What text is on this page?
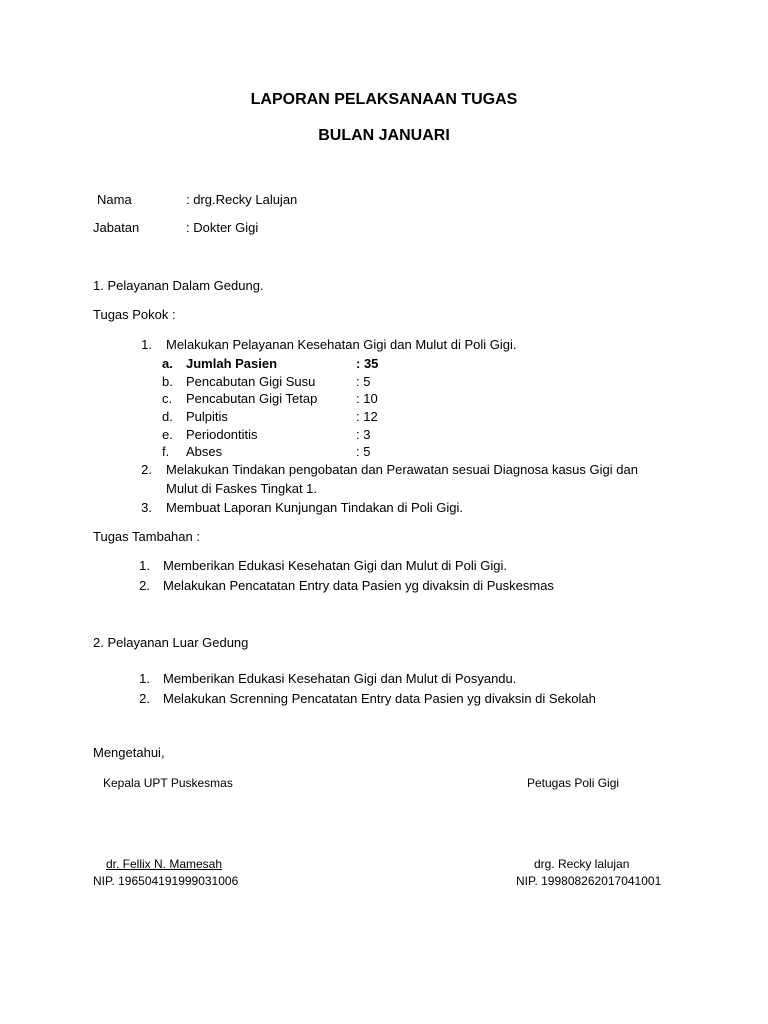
LAPORAN PELAKSANAAN TUGAS
BULAN JANUARI
Nama	: drg.Recky Lalujan
Jabatan	: Dokter Gigi
1. Pelayanan Dalam Gedung.
Tugas Pokok :
1. Melakukan Pelayanan Kesehatan Gigi dan Mulut di Poli Gigi.
a. Jumlah Pasien	: 35
b. Pencabutan Gigi Susu	: 5
c. Pencabutan Gigi Tetap	: 10
d. Pulpitis	: 12
e. Periodontitis	: 3
f. Abses	: 5
2. Melakukan Tindakan pengobatan dan Perawatan sesuai Diagnosa kasus Gigi dan
Mulut di Faskes Tingkat 1.
3. Membuat Laporan Kunjungan Tindakan di Poli Gigi.
Tugas Tambahan :
1. Memberikan Edukasi Kesehatan Gigi dan Mulut di Poli Gigi.
2. Melakukan Pencatatan Entry data Pasien yg divaksin di Puskesmas
2. Pelayanan Luar Gedung
1. Memberikan Edukasi Kesehatan Gigi dan Mulut di Posyandu.
2. Melakukan Screnning Pencatatan Entry data Pasien yg divaksin di Sekolah
Mengetahui,
Kepala UPT Puskesmas	Petugas Poli Gigi
dr. Fellix N. Mamesah
NIP. 196504191999031006
drg. Recky lalujan
NIP. 199808262017041001
